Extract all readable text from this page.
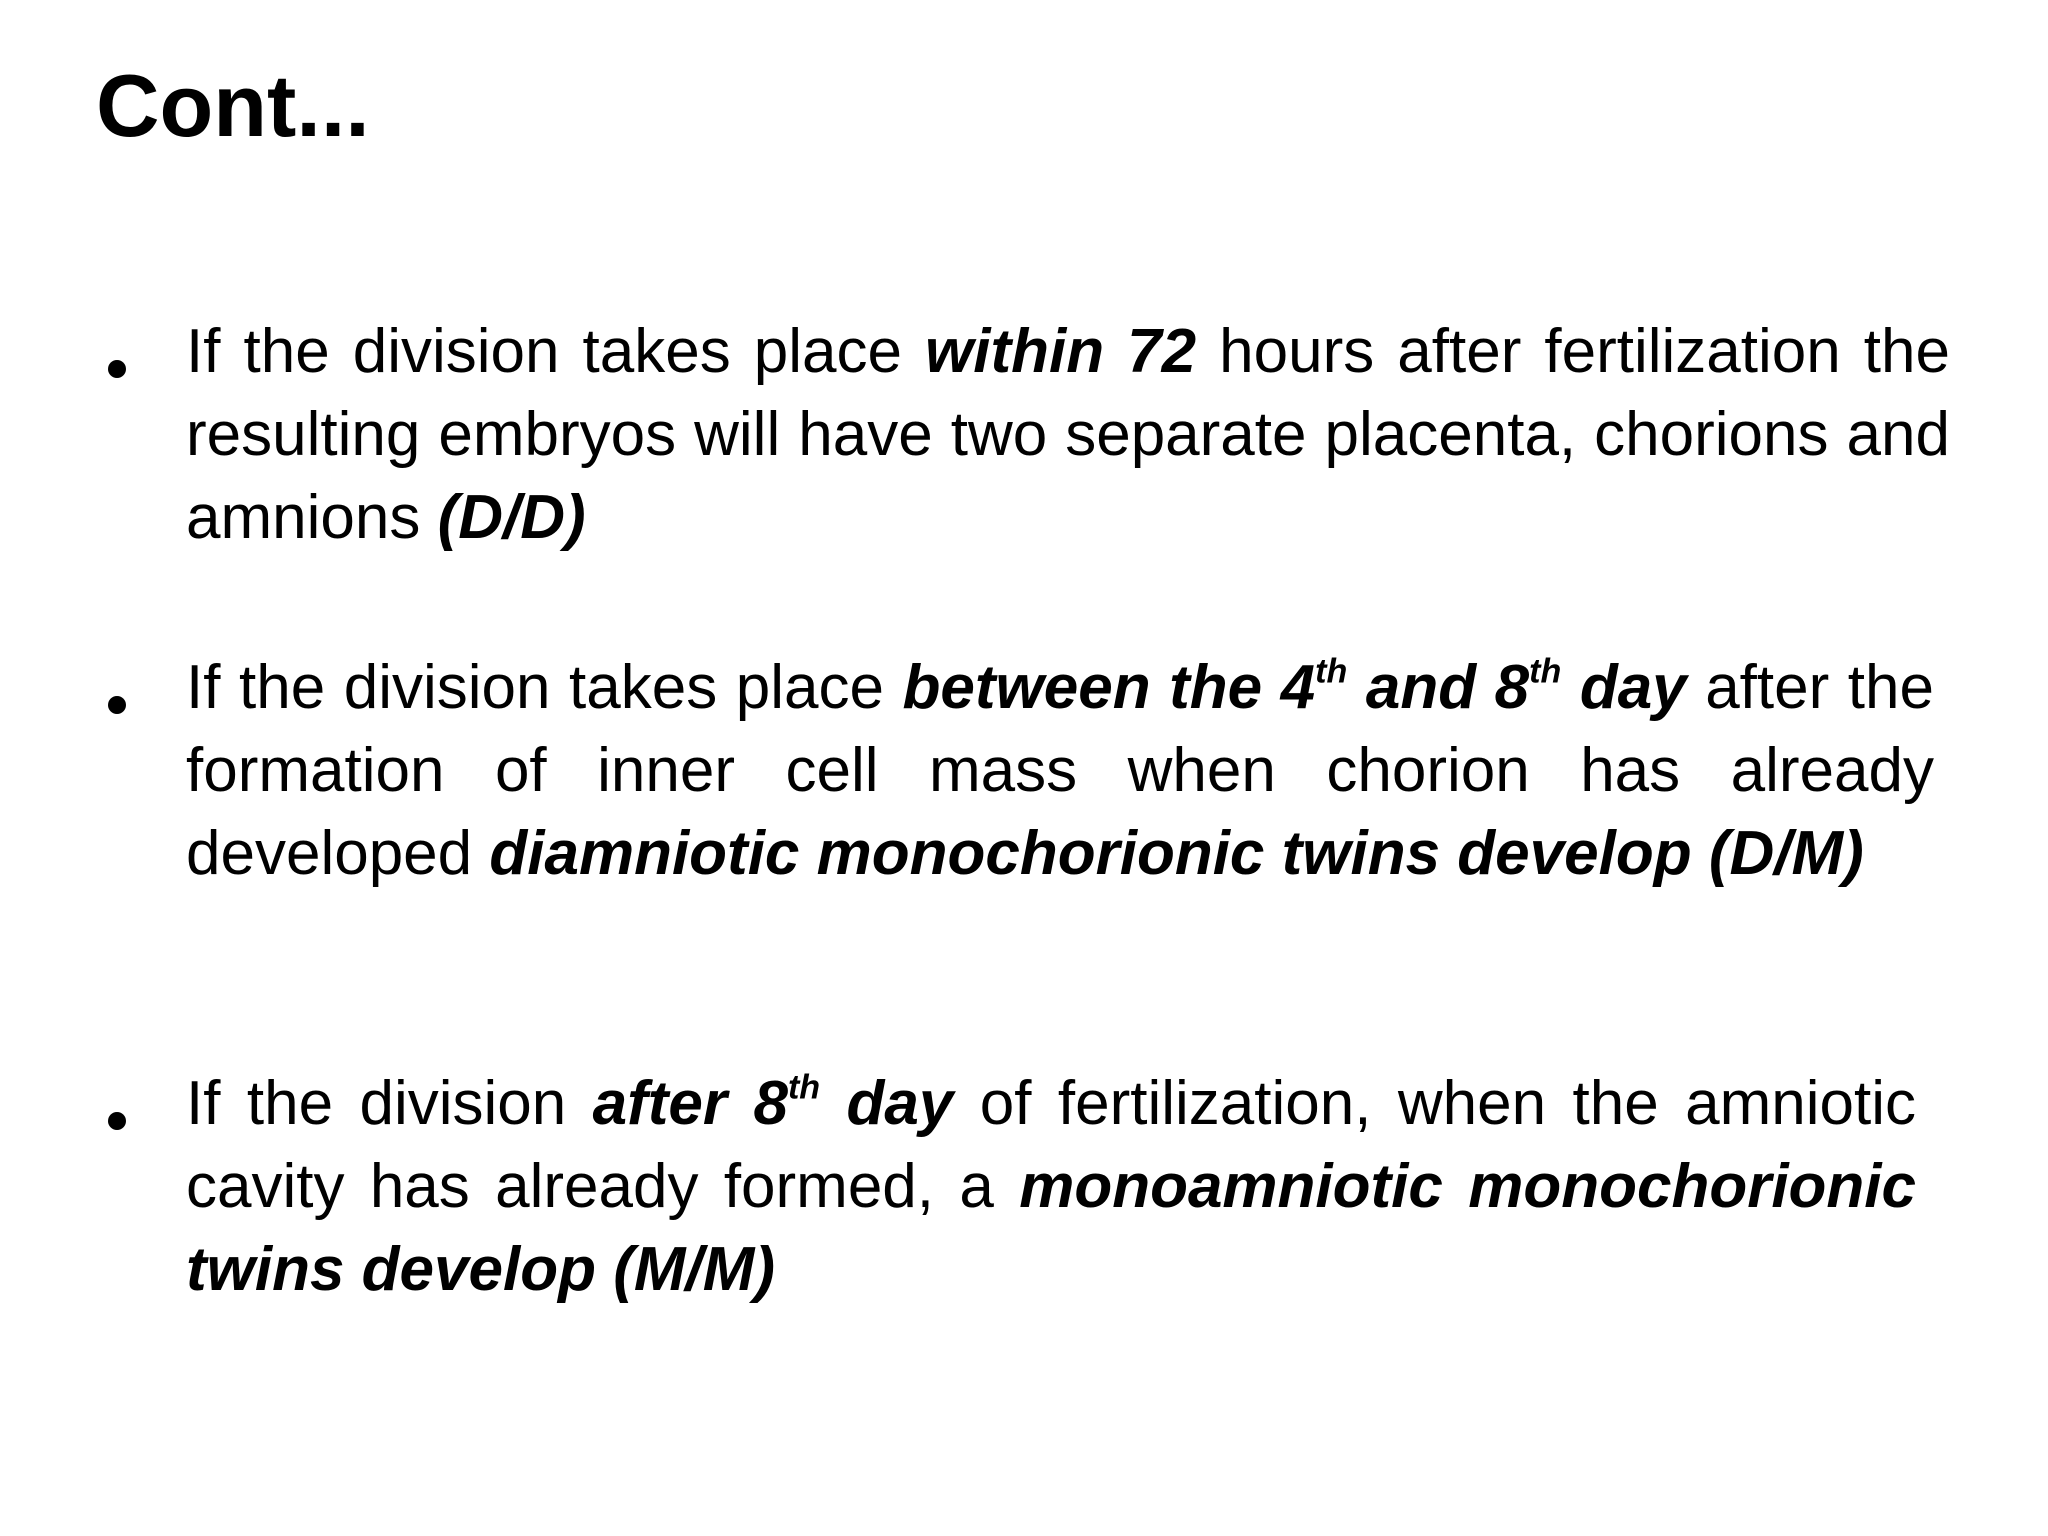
Cont...

If the division takes place within 72 hours after fertilization the resulting embryos will have two separate placenta, chorions and amnions (D/D)

If the division takes place between the 4th and 8th day after the formation of inner cell mass when chorion has already developed diamniotic monochorionic twins develop (D/M)

If the division after 8th day of fertilization, when the amniotic cavity has already formed, a monoamniotic monochorionic twins develop (M/M)
